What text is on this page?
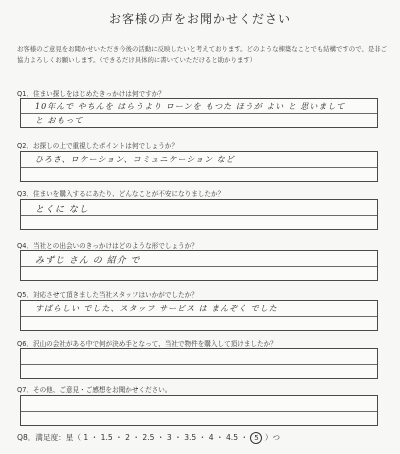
お客様の声をお聞かせください
お客様のご意見をお聞かせいただき今後の活動に反映したいと考えております。どのような棟築なことでも結構ですので、是非ご協力よろしくお願いします。（できるだけ具体的に書いていただけると助かります）
Q1．住まい探しをはじめたきっかけは何ですか？
10年んで やちんを はらうより ローンを もつた ほうが よい と 思いまして
と おもって
Q2．お探しの上で重視したポイントは何でしょうか？
ひろさ、ロケーション、コミュニケーション など
Q3．住まいを購入するにあたり、どんなことが不安になりましたか？
とくに なし
Q4．当社との出会いのきっかけはどのような形でしょうか？
みずじ さん の 紹介 で
Q5．対応させて頂きました当社スタッフはいかがでしたか？
すばらしい でした、スタッフ サービス は まんぞく でした
Q6．沢山の会社がある中で何が決め手となって、当社で物件を購入して頂けましたか？
Q7．その他、ご意見・ご感想をお聞かせください。
Q8．満足度：星（ 1 ・ 1.5 ・ 2 ・ 2.5 ・ 3 ・ 3.5 ・ 4 ・ 4.5 ・ 5 ）つ
